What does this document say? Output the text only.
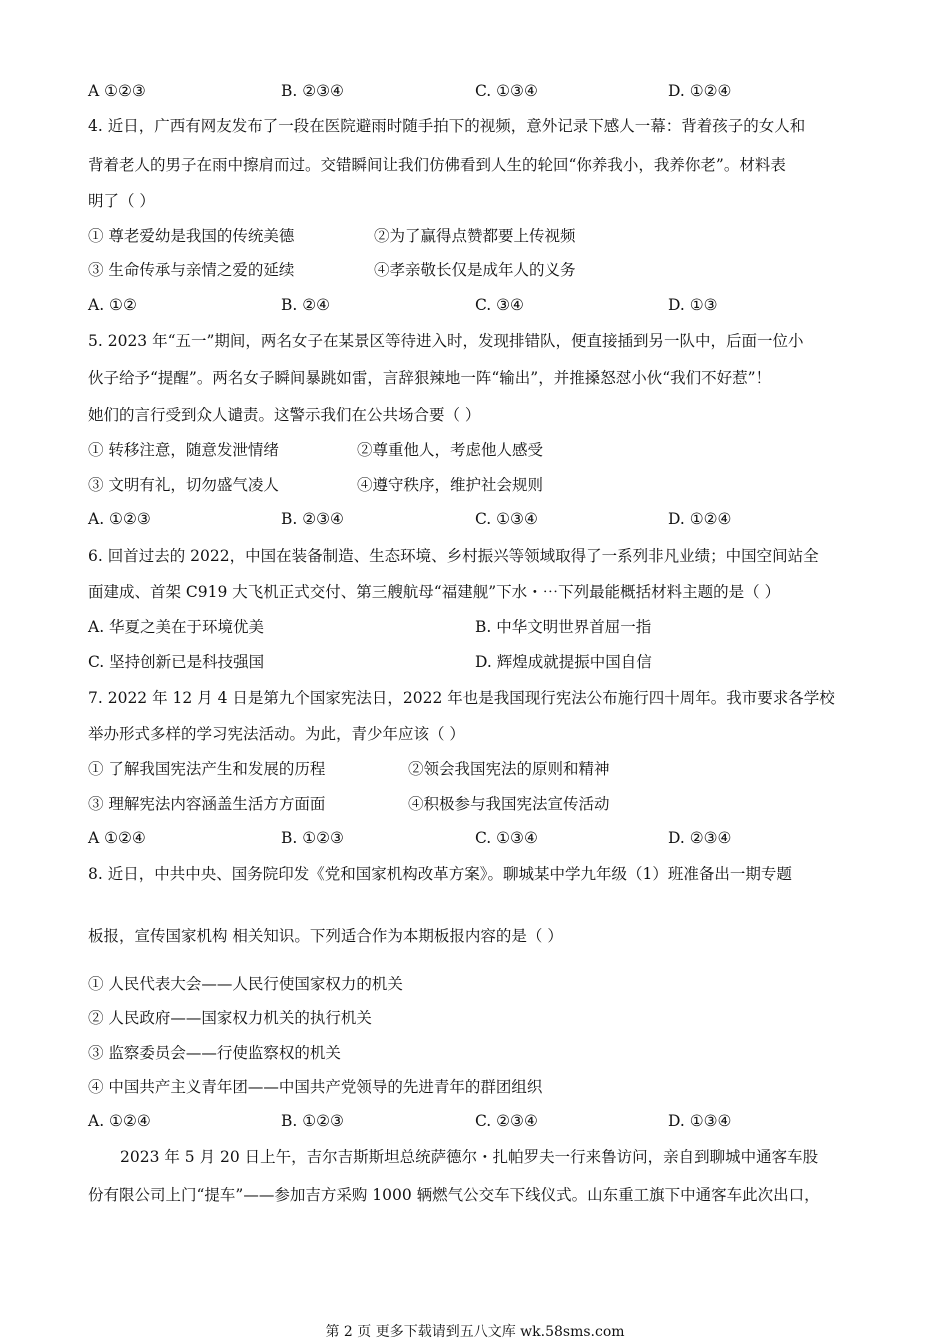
A ①②③	B. ②③④	C. ①③④	D. ①②④
4. 近日，广西有网友发布了一段在医院避雨时随手拍下的视频，意外记录下感人一幕：背着孩子的女人和
背着老人的男子在雨中擦肩而过。交错瞬间让我们仿佛看到人生的轮回“你养我小，我养你老”。材料表
明了（ ）
① 尊老爱幼是我国的传统美德	②为了赢得点赞都要上传视频
③ 生命传承与亲情之爱的延续	④孝亲敬长仅是成年人的义务
A. ①②	B. ②④	C. ③④	D. ①③
5. 2023 年“五一”期间，两名女子在某景区等待进入时，发现排错队，便直接插到另一队中，后面一位小
伙子给予“提醒”。两名女子瞬间暴跳如雷，言辞狠辣地一阵“输出”，并推搡怒怼小伙“我们不好惹”！
她们的言行受到众人谴责。这警示我们在公共场合要（ ）
① 转移注意，随意发泄情绪	②尊重他人，考虑他人感受
③ 文明有礼，切勿盛气凌人	④遵守秩序，维护社会规则
A. ①②③	B. ②③④	C. ①③④	D. ①②④
6. 回首过去的 2022，中国在装备制造、生态环境、乡村振兴等领域取得了一系列非凡业绩；中国空间站全
面建成、首架 C919 大飞机正式交付、第三艘航母“福建舰”下水・⋯下列最能概括材料主题的是（ ）
A. 华夏之美在于环境优美	B. 中华文明世界首屈一指
C. 坚持创新已是科技强国	D. 辉煌成就提振中国自信
7. 2022 年 12 月 4 日是第九个国家宪法日，2022 年也是我国现行宪法公布施行四十周年。我市要求各学校
举办形式多样的学习宪法活动。为此，青少年应该（ ）
① 了解我国宪法产生和发展的历程	②领会我国宪法的原则和精神
③ 理解宪法内容涵盖生活方方面面	④积极参与我国宪法宣传活动
A ①②④	B. ①②③	C. ①③④	D. ②③④
8. 近日，中共中央、国务院印发《党和国家机构改革方案》。聊城某中学九年级（1）班准备出一期专题
板报，宣传国家机构 相关知识。下列适合作为本期板报内容的是（ ）
① 人民代表大会——人民行使国家权力的机关
② 人民政府——国家权力机关的执行机关
③ 监察委员会——行使监察权的机关
④ 中国共产主义青年团——中国共产党领导的先进青年的群团组织
A. ①②④	B. ①②③	C. ②③④	D. ①③④
2023 年 5 月 20 日上午，吉尔吉斯斯坦总统萨德尔・扎帕罗夫一行来鲁访问，亲自到聊城中通客车股
份有限公司上门“提车”——参加吉方采购 1000 辆燃气公交车下线仪式。山东重工旗下中通客车此次出口，
第 2 页 更多下载请到五八文库 wk.58sms.com
